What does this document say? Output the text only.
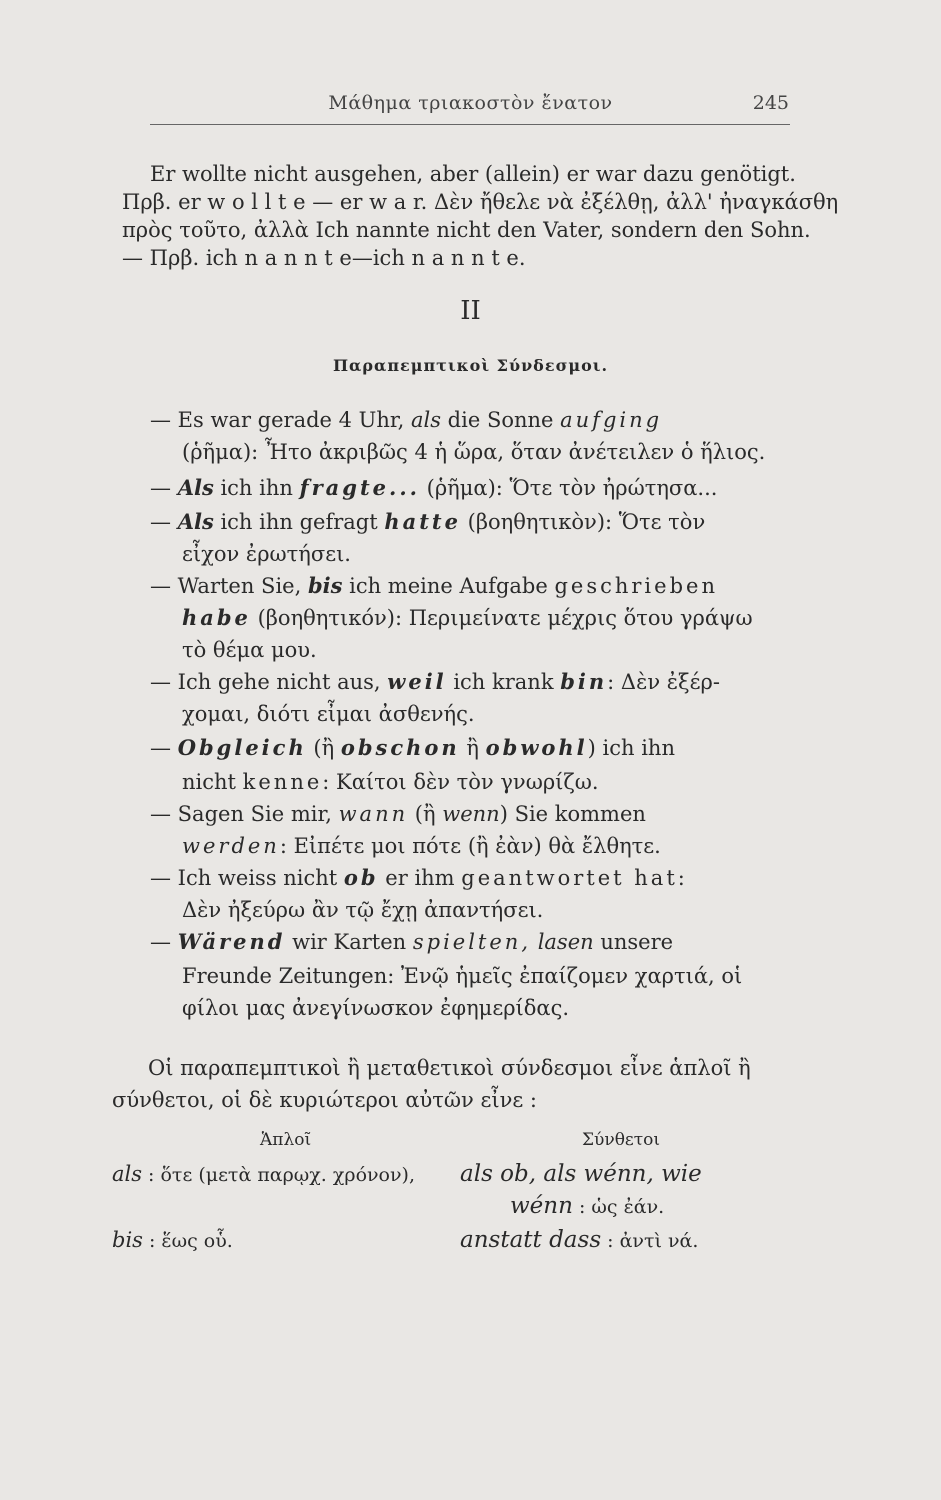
Μάθημα τριακοστὸν ἔνατον	245
Er wollte nicht ausgehen, aber (allein) er war dazu genötigt.
Πρβ. er w o l l t e — er w a r. Δὲν ἤθελε νὰ ἐξέλθῃ, ἀλλ' ἠναγκάσθη
πρὸς τοῦτο, ἀλλὰ Ich nannte nicht den Vater, sondern den Sohn.
— Πρβ. ich n a n n t e—ich n a n n t e.
II
Παραπεμπτικοὶ Σύνδεσμοι.
— Es war gerade 4 Uhr, als die Sonne aufging
(ῥῆμα): Ἦτο ἀκριβῶς 4 ἡ ὥρα, ὅταν ἀνέτειλεν ὁ ἥλιος.
— Als ich ihn fragte... (ῥῆμα): Ὅτε τὸν ἠρώτησα...
— Als ich ihn gefragt hatte (βοηθητικὸν): Ὅτε τὸν
εἶχον ἐρωτήσει.
— Warten Sie, bis ich meine Aufgabe geschrieben
habe (βοηθητικόν): Περιμείνατε μέχρις ὅτου γράψω
τὸ θέμα μου.
— Ich gehe nicht aus, weil ich krank bin: Δὲν ἐξέρ-
χομαι, διότι εἶμαι ἀσθενής.
— Obgleich (ἢ obschon ἢ obwohl) ich ihn
nicht kenne: Καίτοι δὲν τὸν γνωρίζω.
— Sagen Sie mir, wann (ἢ wenn) Sie kommen
werden: Εἰπέτε μοι πότε (ἢ ἐὰν) θὰ ἔλθητε.
— Ich weiss nicht ob er ihm geantwortet hat:
Δὲν ἠξεύρω ἂν τῷ ἔχῃ ἀπαντήσει.
— Wärend wir Karten spielten, lasen unsere
Freunde Zeitungen: Ἐνῷ ἡμεῖς ἐπαίζομεν χαρτιά, οἱ
φίλοι μας ἀνεγίνωσκον ἐφημερίδας.
Οἱ παραπεμπτικοὶ ἢ μεταθετικοὶ σύνδεσμοι εἶνε ἁπλοῖ ἢ
σύνθετοι, οἱ δὲ κυριώτεροι αὐτῶν εἶνε :
Ἁπλοῖ	Σύνθετοι
als : ὅτε (μετὰ παρῳχ. χρόνον),
bis : ἕως οὗ.
als ob, als wénn, wie
wénn : ὡς ἐάν.
anstatt dass : ἀντὶ νά.
